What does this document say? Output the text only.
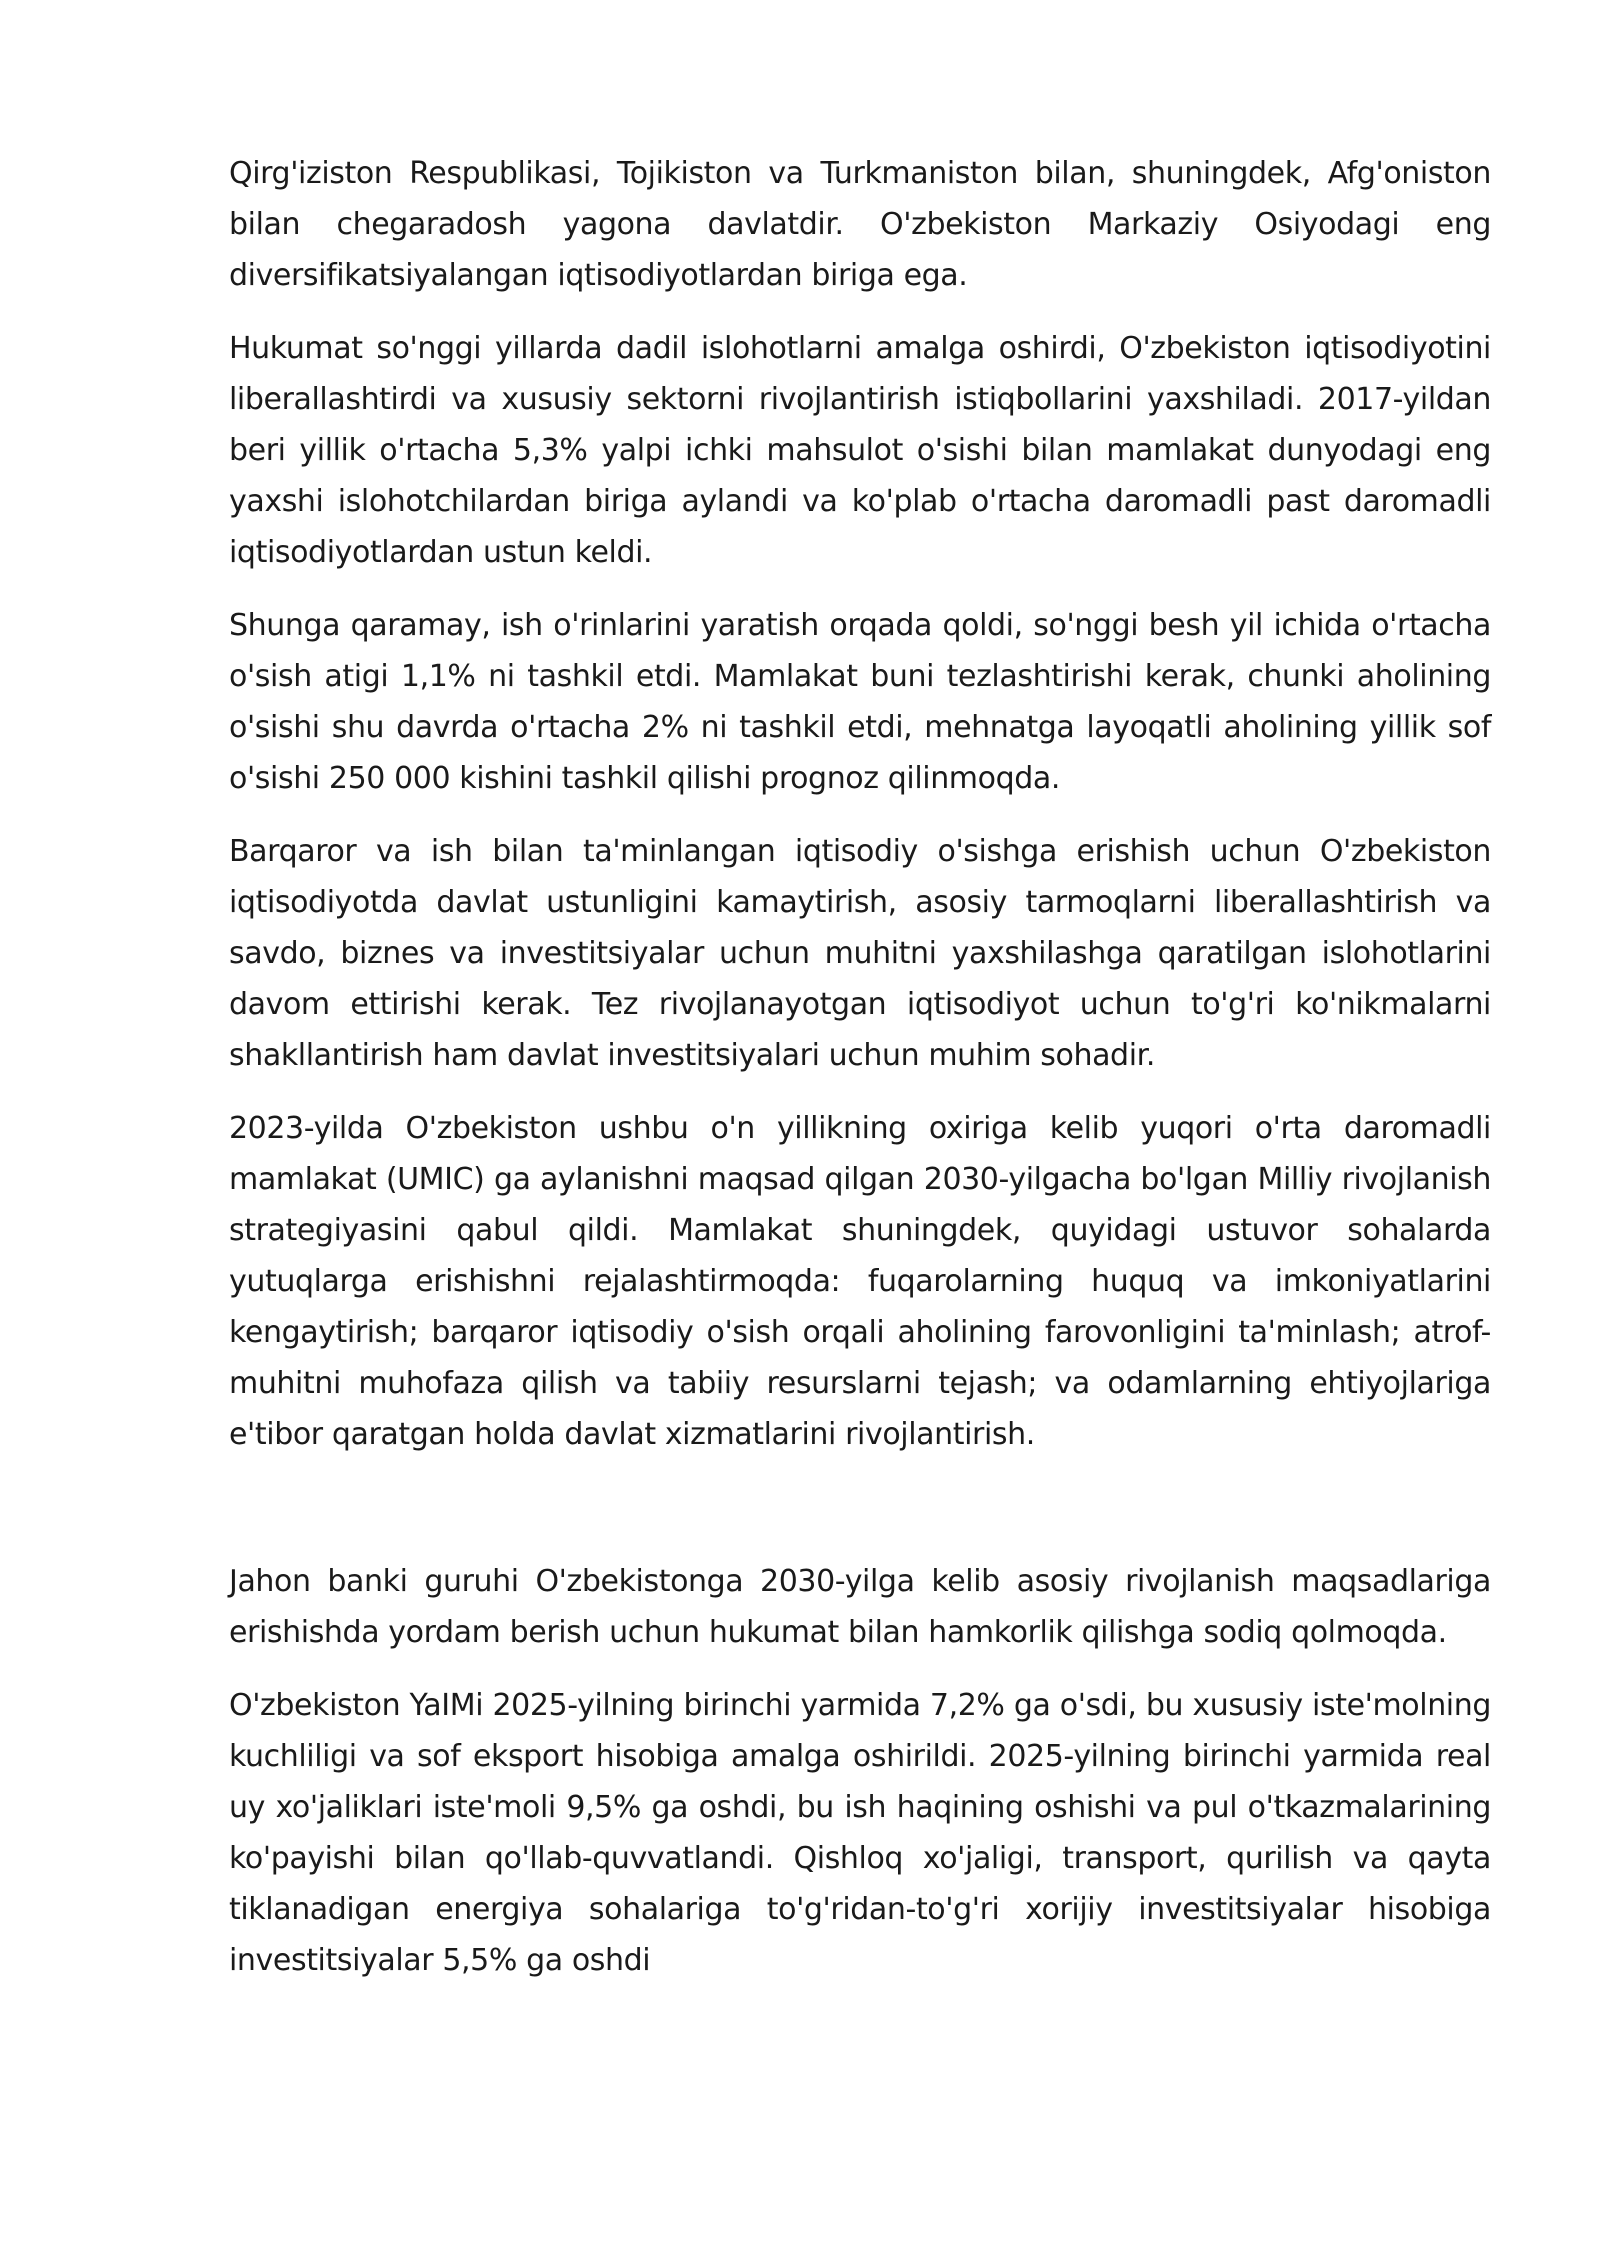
Qirg'iziston Respublikasi, Tojikiston va Turkmaniston bilan, shuningdek, Afg'oniston bilan chegaradosh yagona davlatdir. O'zbekiston Markaziy Osiyodagi eng diversifikatsiyalangan iqtisodiyotlardan biriga ega.

Hukumat so'nggi yillarda dadil islohotlarni amalga oshirdi, O'zbekiston iqtisodiyotini liberallashtirdi va xususiy sektorni rivojlantirish istiqbollarini yaxshiladi. 2017-yildan beri yillik o'rtacha 5,3% yalpi ichki mahsulot o'sishi bilan mamlakat dunyodagi eng yaxshi islohotchilardan biriga aylandi va ko'plab o'rtacha daromadli past daromadli iqtisodiyotlardan ustun keldi.

Shunga qaramay, ish o'rinlarini yaratish orqada qoldi, so'nggi besh yil ichida o'rtacha o'sish atigi 1,1% ni tashkil etdi. Mamlakat buni tezlashtirishi kerak, chunki aholining o'sishi shu davrda o'rtacha 2% ni tashkil etdi, mehnatga layoqatli aholining yillik sof o'sishi 250 000 kishini tashkil qilishi prognoz qilinmoqda.

Barqaror va ish bilan ta'minlangan iqtisodiy o'sishga erishish uchun O'zbekiston iqtisodiyotda davlat ustunligini kamaytirish, asosiy tarmoqlarni liberallashtirish va savdo, biznes va investitsiyalar uchun muhitni yaxshilashga qaratilgan islohotlarini davom ettirishi kerak. Tez rivojlanayotgan iqtisodiyot uchun to'g'ri ko'nikmalarni shakllantirish ham davlat investitsiyalari uchun muhim sohadir.

2023-yilda O'zbekiston ushbu o'n yillikning oxiriga kelib yuqori o'rta daromadli mamlakat (UMIC) ga aylanishni maqsad qilgan 2030-yilgacha bo'lgan Milliy rivojlanish strategiyasini qabul qildi. Mamlakat shuningdek, quyidagi ustuvor sohalarda yutuqlarga erishishni rejalashtirmoqda: fuqarolarning huquq va imkoniyatlarini kengaytirish; barqaror iqtisodiy o'sish orqali aholining farovonligini ta'minlash; atrof-muhitni muhofaza qilish va tabiiy resurslarni tejash; va odamlarning ehtiyojlariga e'tibor qaratgan holda davlat xizmatlarini rivojlantirish.

Jahon banki guruhi O'zbekistonga 2030-yilga kelib asosiy rivojlanish maqsadlariga erishishda yordam berish uchun hukumat bilan hamkorlik qilishga sodiq qolmoqda.

O'zbekiston YaIMi 2025-yilning birinchi yarmida 7,2% ga o'sdi, bu xususiy iste'molning kuchliligi va sof eksport hisobiga amalga oshirildi. 2025-yilning birinchi yarmida real uy xo'jaliklari iste'moli 9,5% ga oshdi, bu ish haqining oshishi va pul o'tkazmalarining ko'payishi bilan qo'llab-quvvatlandi. Qishloq xo'jaligi, transport, qurilish va qayta tiklanadigan energiya sohalariga to'g'ridan-to'g'ri xorijiy investitsiyalar hisobiga investitsiyalar 5,5% ga oshdi
